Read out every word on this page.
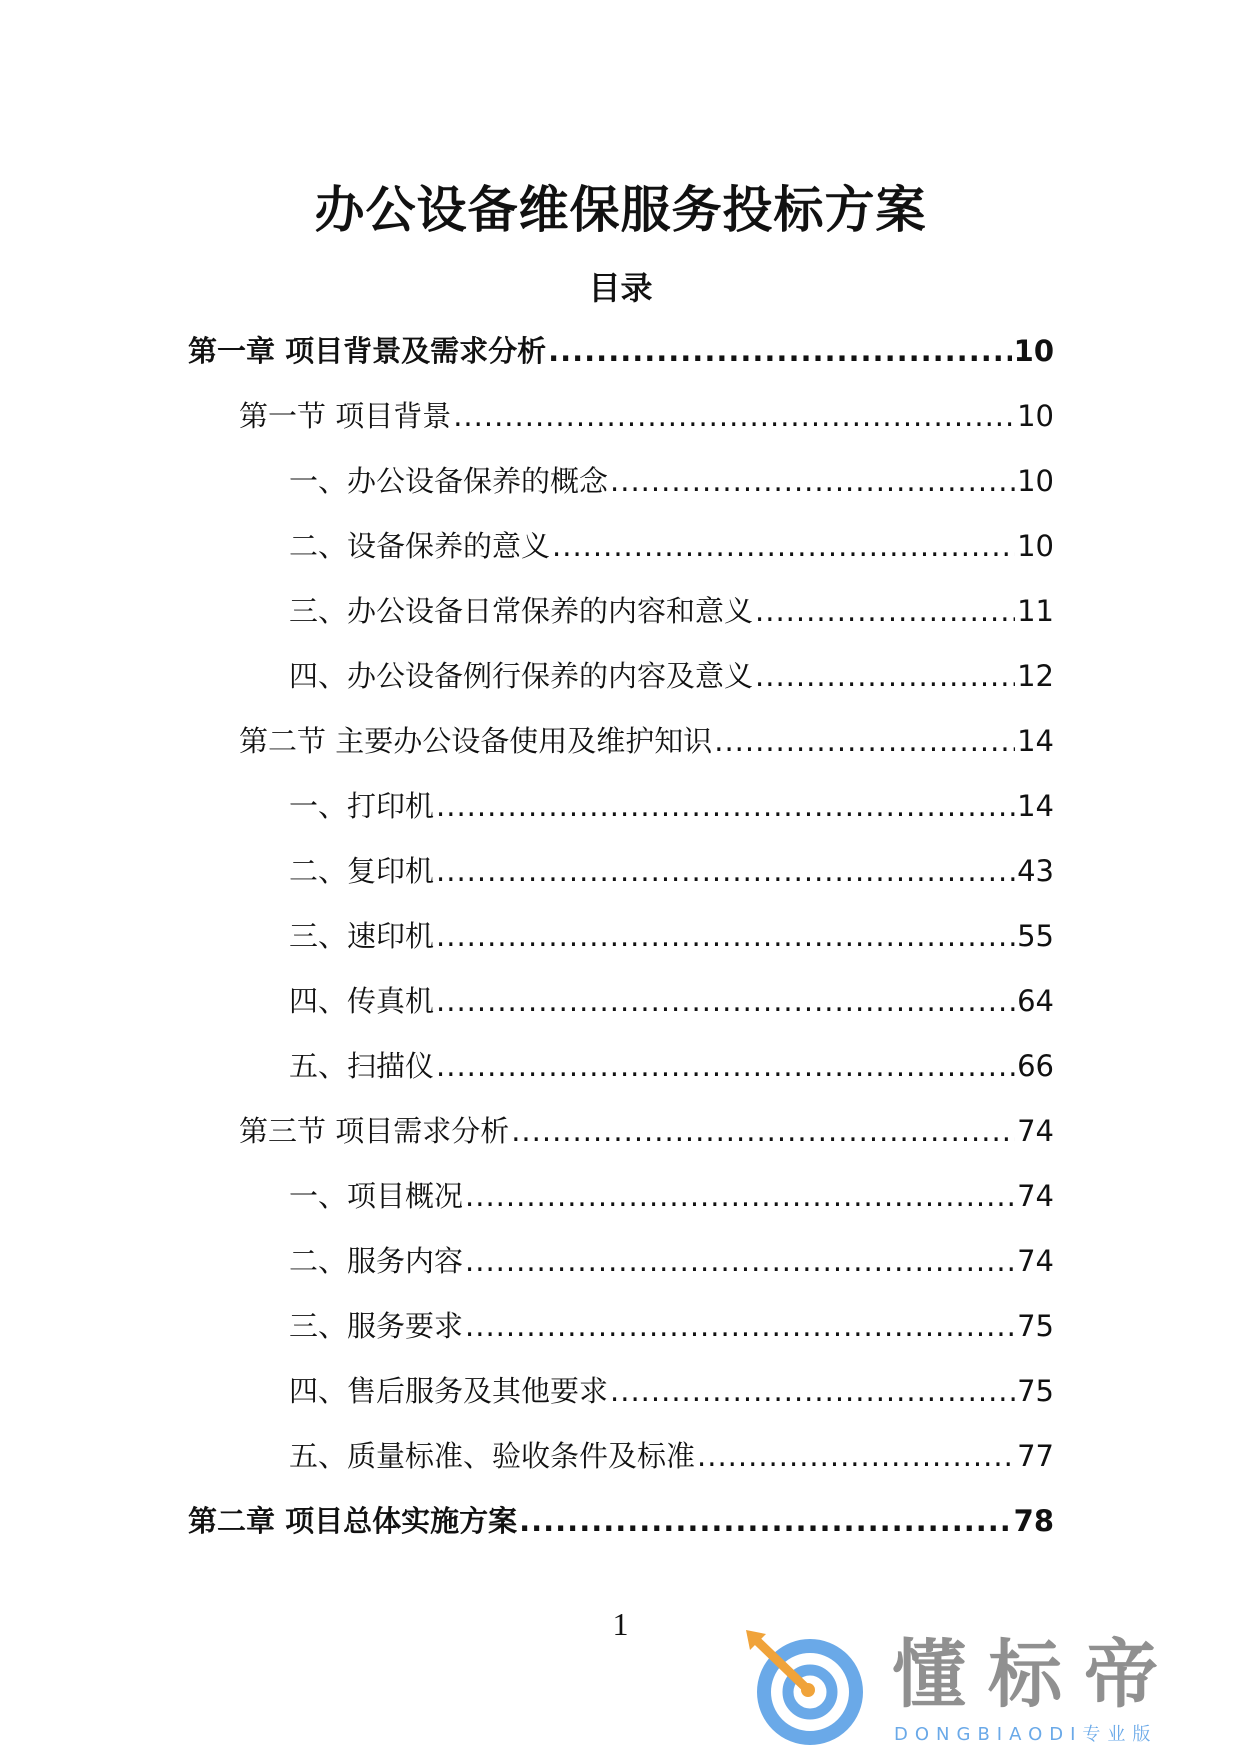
办公设备维保服务投标方案
目录
第一章 项目背景及需求分析 .....	10
第一节 项目背景 .....	10
一、办公设备保养的概念 .....	10
二、设备保养的意义 .....	10
三、办公设备日常保养的内容和意义 .....	11
四、办公设备例行保养的内容及意义 .....	12
第二节 主要办公设备使用及维护知识 .....	14
一、打印机 .....	14
二、复印机 .....	43
三、速印机 .....	55
四、传真机 .....	64
五、扫描仪 .....	66
第三节 项目需求分析 .....	74
一、项目概况 .....	74
二、服务内容 .....	74
三、服务要求 .....	75
四、售后服务及其他要求 .....	75
五、质量标准、验收条件及标准 .....	77
第二章 项目总体实施方案 .....	78
1
懂标帝
DONGBIAODI专业版
